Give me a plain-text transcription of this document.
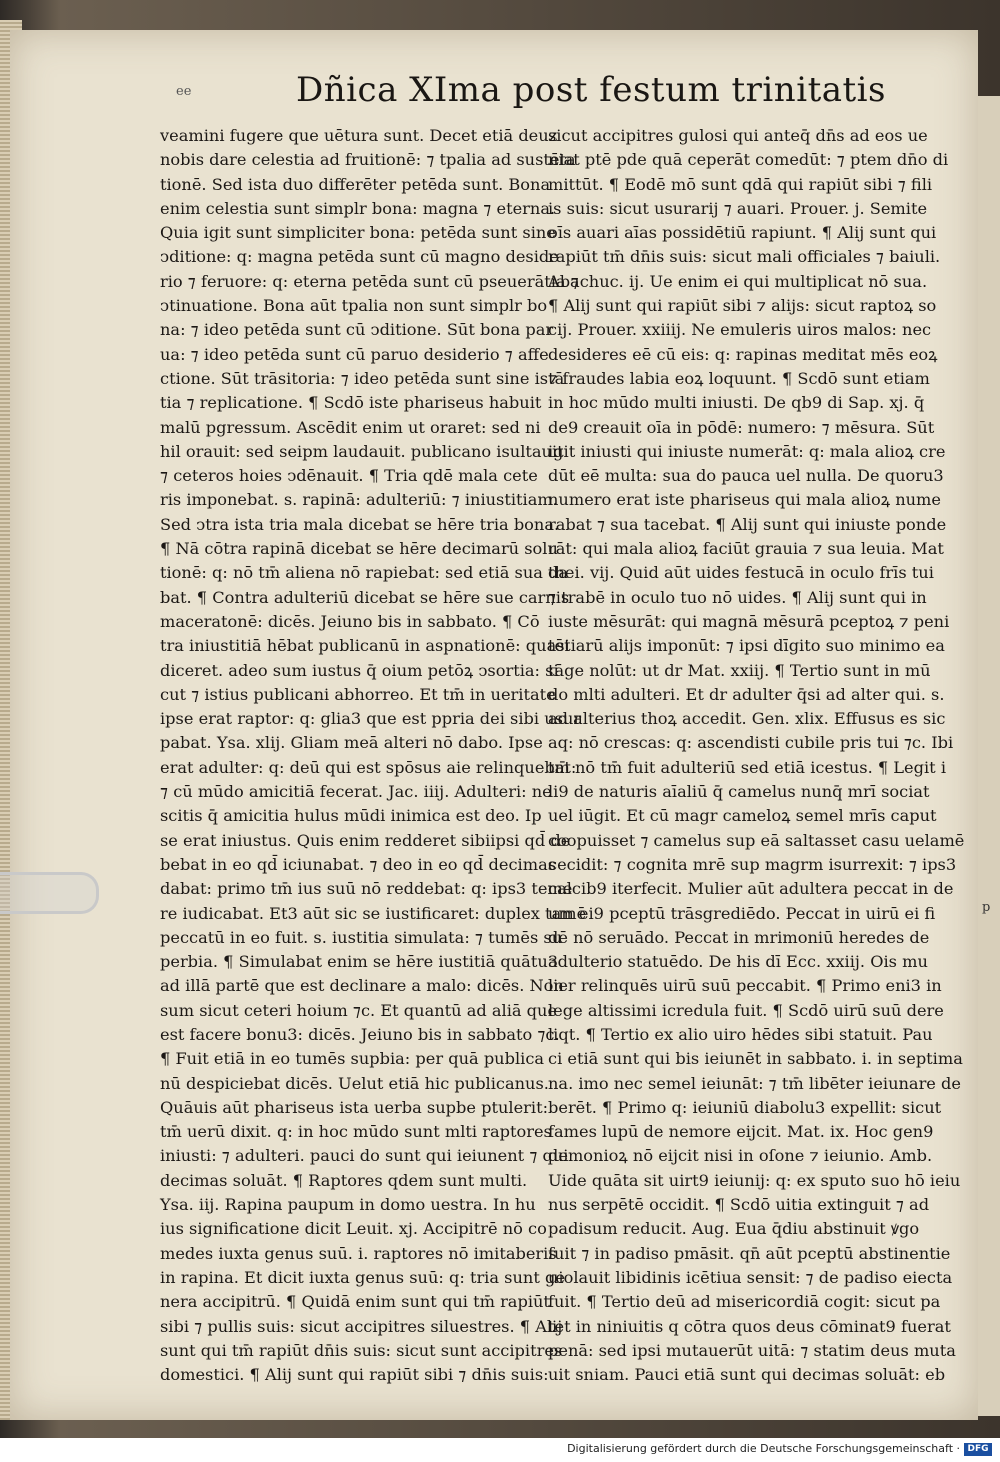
p
ee	Dñica XIma post festum trinitatis
veamini fugere que uētura sunt. Decet etiā deuz
nobis dare celestia ad fruitionē: ⁊ tpalia ad sustēta
tionē. Sed ista duo differēter petēda sunt. Bona
enim celestia sunt simplr bona: magna ⁊ eterna.
Quia igit sunt simpliciter bona: petēda sunt sine
ↄditione: q: magna petēda sunt cū magno deside
rio ⁊ feruore: q: eterna petēda sunt cū pseuerātia ⁊
ↄtinuatione. Bona aūt tpalia non sunt simplr bo
na: ⁊ ideo petēda sunt cū ↄditione. Sūt bona par
ua: ⁊ ideo petēda sunt cū paruo desiderio ⁊ affe
ctione. Sūt trāsitoria: ⁊ ideo petēda sunt sine istā
tia ⁊ replicatione. ¶ Scdō iste phariseus habuit
malū pgressum. Ascēdit enim ut oraret: sed ni
hil orauit: sed seipm laudauit. publicano isultauit
⁊ ceteros hoies ↄdēnauit. ¶ Tria qdē mala cete
ris imponebat. s. rapinā: adulteriū: ⁊ iniustitiam.
Sed ↄtra ista tria mala dicebat se hēre tria bona.
¶ Nā cōtra rapinā dicebat se hēre decimarū solu
tionē: q: nō tm̄ aliena nō rapiebat: sed etiā sua da
bat. ¶ Contra adulteriū dicebat se hēre sue carnis
maceratonē: dicēs. Jeiuno bis in sabbato. ¶ Cō
tra iniustitiā hēbat publicanū in aspnationē: quasi
diceret. adeo sum iustus q̄ oium petōꝝ ↄsortia: si
cut ⁊ istius publicani abhorreo. Et tm̄ in ueritate
ipse erat raptor: q: glia3 que est ppria dei sibi usur
pabat. Ysa. xlij. Gliam meā alteri nō dabo. Ipse
erat adulter: q: deū qui est spōsus aie relinquebat:
⁊ cū mūdo amicitiā fecerat. Jac. iiij. Adulteri: ne
scitis q̄ amicitia hulus mūdi inimica est deo. Ip
se erat iniustus. Quis enim redderet sibiipsi qd̄ de
bebat in eo qd̄ iciunabat. ⁊ deo in eo qd̄ decimas
dabat: primo tm̄ ius suū nō reddebat: q: ips3 teme
re iudicabat. Et3 aūt sic se iustificaret: duplex tamē
peccatū in eo fuit. s. iustitia simulata: ⁊ tumēs su
perbia. ¶ Simulabat enim se hēre iustitiā quātu3
ad illā partē que est declinare a malo: dicēs. Non
sum sicut ceteri hoium ⁊c. Et quantū ad aliā que
est facere bonu3: dicēs. Jeiuno bis in sabbato ⁊c.
¶ Fuit etiā in eo tumēs supbia: per quā publica
nū despiciebat dicēs. Uelut etiā hic publicanus.
Quāuis aūt phariseus ista uerba supbe ptulerit:
tm̄ uerū dixit. q: in hoc mūdo sunt mlti raptores
iniusti: ⁊ adulteri. pauci do sunt qui ieiunent ⁊ qui
decimas soluāt. ¶ Raptores qdem sunt multi.
Ysa. iij. Rapina paupum in domo uestra. In hu
ius significatione dicit Leuit. xj. Accipitrē nō co
medes iuxta genus suū. i. raptores nō imitaberis
in rapina. Et dicit iuxta genus suū: q: tria sunt ge
nera accipitrū. ¶ Quidā enim sunt qui tm̄ rapiūt
sibi ⁊ pullis suis: sicut accipitres siluestres. ¶ Alij
sunt qui tm̄ rapiūt dn̄is suis: sicut sunt accipitres
domestici. ¶ Alij sunt qui rapiūt sibi ⁊ dn̄is suis:
sicut accipitres gulosi qui anteq̄ dn̄s ad eos ue
niat ptē pde quā ceperāt comedūt: ⁊ ptem dn̄o di
mittūt. ¶ Eodē mō sunt qdā qui rapiūt sibi ⁊ fili
is suis: sicut usurarij ⁊ auari. Prouer. j. Semite
oīs auari aīas possidētiū rapiunt. ¶ Alij sunt qui
rapiūt tm̄ dn̄is suis: sicut mali officiales ⁊ baiuli.
Abachuc. ij. Ue enim ei qui multiplicat nō sua.
¶ Alij sunt qui rapiūt sibi ⁊ alijs: sicut raptoꝝ so
cij. Prouer. xxiiij. Ne emuleris uiros malos: nec
desideres eē cū eis: q: rapinas meditat mēs eoꝝ
⁊ fraudes labia eoꝝ loquunt. ¶ Scdō sunt etiam
in hoc mūdo multi iniusti. De qb9 di Sap. xj. q̄
de9 creauit oīa in pōdē: numero: ⁊ mēsura. Sūt
igit iniusti qui iniuste numerāt: q: mala alioꝝ cre
dūt eē multa: sua do pauca uel nulla. De quoru3
numero erat iste phariseus qui mala alioꝝ nume
rabat ⁊ sua tacebat. ¶ Alij sunt qui iniuste ponde
rāt: qui mala alioꝝ faciūt grauia ⁊ sua leuia. Mat
thei. vij. Quid aūt uides festucā in oculo frīs tui
⁊ trabē in oculo tuo nō uides. ¶ Alij sunt qui in
iuste mēsurāt: qui magnā mēsurā pceptoꝝ ⁊ peni
tētiarū alijs imponūt: ⁊ ipsi dīgito suo minimo ea
tāge nolūt: ut dr Mat. xxiij. ¶ Tertio sunt in mū
do mlti adulteri. Et dr adulter q̄si ad alter qui. s.
ad alterius thoꝝ accedit. Gen. xlix. Effusus es sic
aq: nō crescas: q: ascendisti cubile pris tui ⁊c. Ibi
tm̄ nō tm̄ fuit adulteriū sed etiā icestus. ¶ Legit i
li9 de naturis aīaliū q̄ camelus nunq̄ mrī sociat
uel iūgit. Et cū magr cameloꝝ semel mrīs caput
coopuisset ⁊ camelus sup eā saltasset casu uelamē
cecidit: ⁊ cognita mrē sup magrm isurrexit: ⁊ ips3
calcib9 iterfecit. Mulier aūt adultera peccat in de
um ei9 pceptū trāsgrediēdo. Peccat in uirū ei fi
dē nō seruādo. Peccat in mrimoniū heredes de
adulterio statuēdo. De his dī Ecc. xxiij. Ois mu
lier relinquēs uirū suū peccabit. ¶ Primo eni3 in
lege altissimi icredula fuit. ¶ Scdō uirū suū dere
liqt. ¶ Tertio ex alio uiro hēdes sibi statuit. Pau
ci etiā sunt qui bis ieiunēt in sabbato. i. in septima
na. imo nec semel ieiunāt: ⁊ tm̄ libēter ieiunare de
berēt. ¶ Primo q: ieiuniū diabolu3 expellit: sicut
fames lupū de nemore eijcit. Mat. ix. Hoc gen9
demonioꝝ nō eijcit nisi in oſone ⁊ ieiunio. Amb.
Uide quāta sit uirt9 ieiunij: q: ex sputo suo hō ieiu
nus serpētē occidit. ¶ Scdō uitia extinguit ⁊ ad
padisum reducit. Aug. Eua q̄diu abstinuit ꝟgo
fuit ⁊ in padiso pmāsit. qn̄ aūt pceptū abstinentie
uiolauit libidinis icētiua sensit: ⁊ de padiso eiecta
fuit. ¶ Tertio deū ad misericordiā cogit: sicut pa
tet in niniuitis q cōtra quos deus cōminat9 fuerat
penā: sed ipsi mutauerūt uitā: ⁊ statim deus muta
uit sniam. Pauci etiā sunt qui decimas soluāt: eb
Digitalisierung gefördert durch die Deutsche Forschungsgemeinschaft · DFG
